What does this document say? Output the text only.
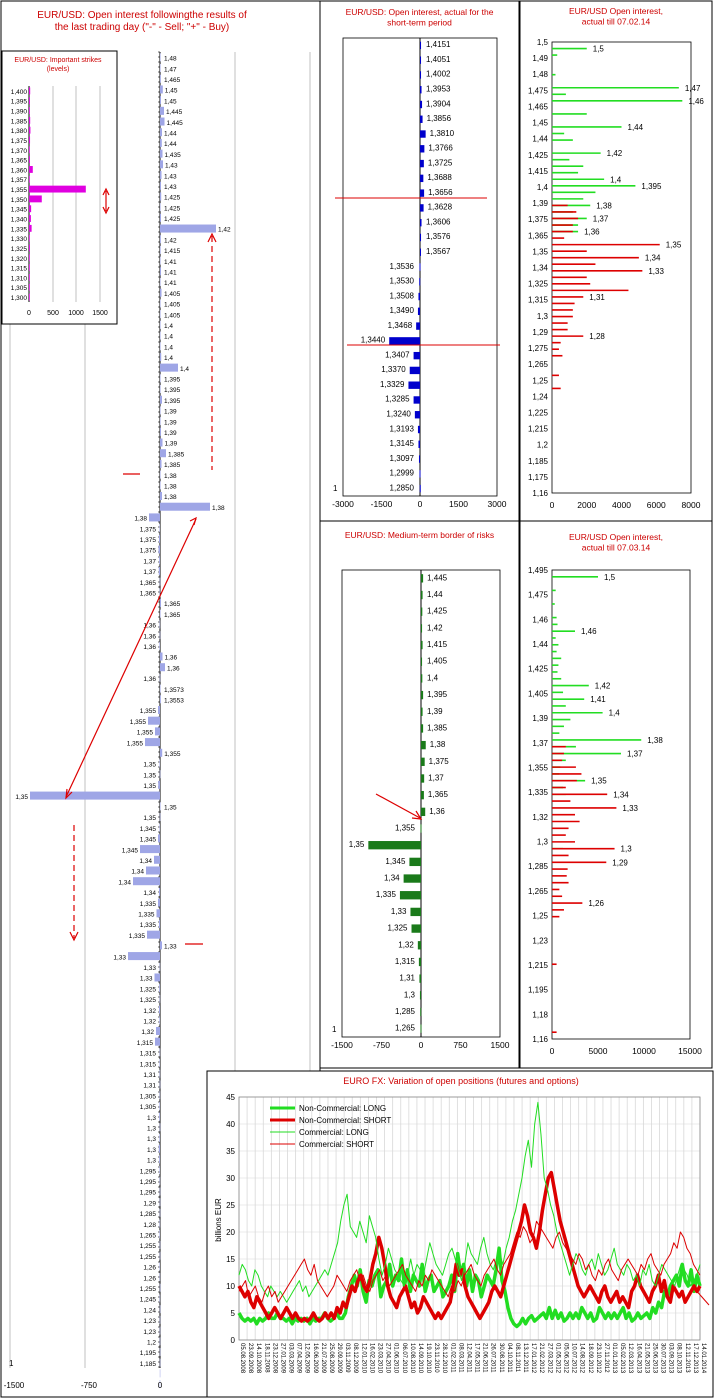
EUR/USD: Open interest followingthe results of
the last trading day ("-" - Sell; "+" - Buy)
1,48
1,47
1,465
1,45
1,45
1,445
1,445
1,44
1,44
1,435
1,43
1,43
1,43
1,425
1,425
1,425
1,42
1,42
1,415
1,41
1,41
1,41
1,405
1,405
1,405
1,4
1,4
1,4
1,4
1,4
1,395
1,395
1,395
1,39
1,39
1,39
1,39
1,385
1,385
1,38
1,38
1,38
1,38
1,38
1,375
1,375
1,375
1,37
1,37
1,365
1,365
1,365
1,365
1,36
1,36
1,36
1,36
1,36
1,36
1,3573
1,3553
1,355
1,355
1,355
1,355
1,355
1,35
1,35
1,35
1,35
1,35
1,35
1,345
1,345
1,345
1,34
1,34
1,34
1,34
1,335
1,335
1,335
1,335
1,33
1,33
1,33
1,33
1,325
1,325
1,32
1,32
1,32
1,315
1,315
1,315
1,31
1,31
1,305
1,305
1,3
1,3
1,3
1,3
1,3
1,295
1,295
1,295
1,29
1,285
1,28
1,265
1,255
1,255
1,26
1,26
1,255
1,245
1,24
1,23
1,23
1,2
1,195
1,185
-1500	-750	0
1
EUR/USD: Important strikes
(levels)
1,400
1,395
1,390
1,385
1,380
1,375
1,370
1,365
1,360
1,357
1,355
1,350
1,345
1,340
1,335
1,330
1,325
1,320
1,315
1,310
1,305
1,300
0 500 1000 1500
EUR/USD: Open interest, actual for the
short-term period
1,4151
1,4051
1,4002
1,3953
1,3904
1,3856
1,3810
1,3766
1,3725
1,3688
1,3656
1,3628
1,3606
1,3576
1,3567
1,3536
1,3530
1,3508
1,3490
1,3468
1,3440
1,3407
1,3370
1,3329
1,3285
1,3240
1,3193
1,3145
1,3097
1,2999
1,2850
-3000 -1500	0	1500 3000
1
EUR/USD: Medium-term border of risks
1,445
1,44
1,425
1,42
1,415
1,405
1,4
1,395
1,39
1,385
1,38
1,375
1,37
1,365
1,36
1,355
1,35
1,345
1,34
1,335
1,33
1,325
1,32
1,315
1,31
1,3
1,285
1,265
-1500 -750	0	750	1500
1
EUR/USD Open interest,
actual till 07.02.14
1,5
1,49
1,48
1,475
1,465
1,45
1,44
1,425
1,415
1,4
1,39
1,375
1,365
1,35
1,34
1,325
1,315
1,3
1,29
1,275
1,265
1,25
1,24
1,225
1,215
1,2
1,185
1,175
1,16
0	2000 4000 6000 8000
1,5
1,47
1,46
1,44
1,42
1,4
1,395
1,38
1,37
1,36
1,35
1,34
1,33
1,31
1,28
EUR/USD Open interest,
actual till 07.03.14
1,495
1,475
1,46
1,44
1,425
1,405
1,39
1,37
1,355
1,335
1,32
1,3
1,285
1,265
1,25
1,23
1,215
1,195
1,18
1,16
0	5000	10000	15000
1,5
1,46
1,42
1,41
1,4
1,38
1,37
1,35
1,34
1,33
1,3
1,29
1,26
EURO FX: Variation of open positions (futures and options)
0
5
10
15
20
25
30
35
40
45
05.08.2008 23.09.2008 14.10.2008 18.11.2008 23.12.2008 27.01.2009 03.03.2009 07.04.2009 12.05.2009 16.06.2009 21.07.2009 25.08.2009 29.09.2009 03.11.2009 08.12.2009 12.01.2010 16.02.2010 23.03.2010 27.04.2010 01.06.2010 06.07.2010 10.08.2010 14.09.2010 19.10.2010 23.11.2010 28.12.2010 01.02.2011 08.03.2011 12.04.2011 17.05.2011 21.06.2011 26.07.2011 30.08.2011 04.10.2011 08.11.2011 13.12.2011 17.01.2012 21.02.2012 27.03.2012 01.05.2012 05.06.2012 10.07.2012 14.08.2012 18.09.2012 23.10.2012 27.11.2012 01.01.2013 05.02.2013 12.03.2013 16.04.2013 21.05.2013 25.06.2013 30.07.2013 03.09.2013 08.10.2013 12.11.2013 17.12.2013 14.01.2014
billions EUR
Non-Commercial: LONG
Non-Commercial: SHORT
Commercial: LONG
Commercial: SHORT
